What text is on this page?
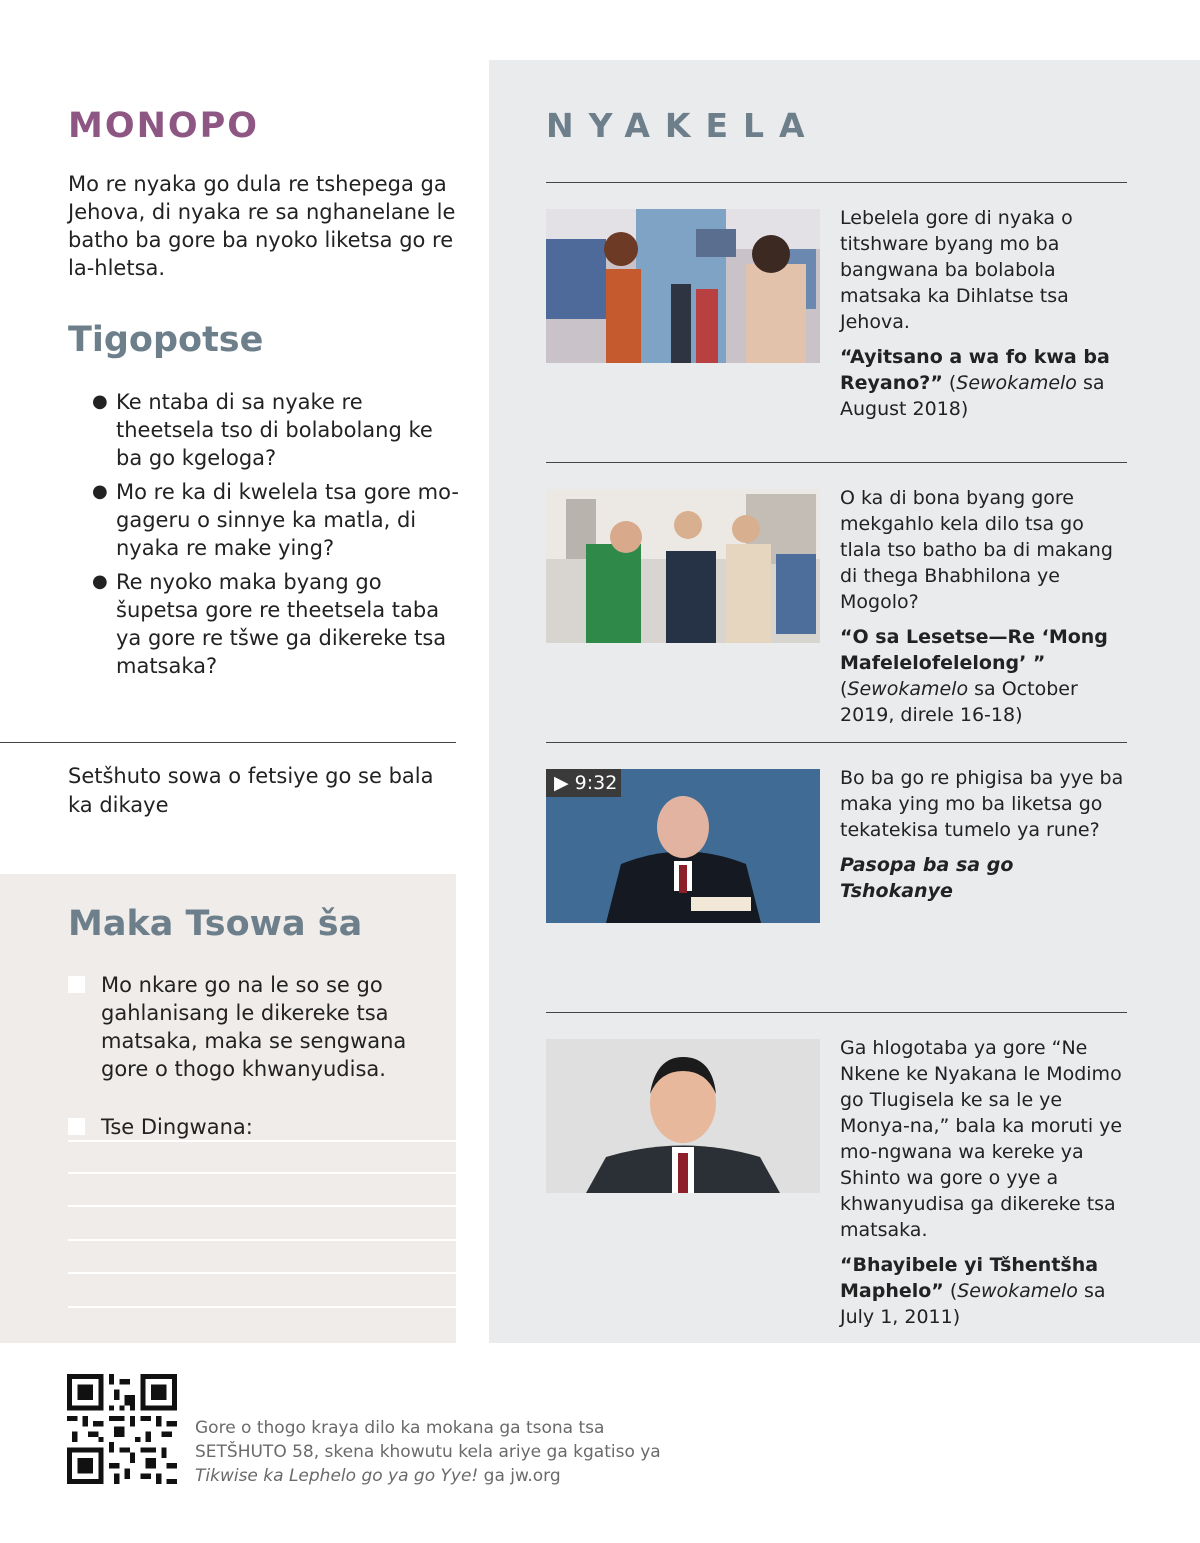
MONOPO

Mo re nyaka go dula re tshepega ga Jehova, di nyaka re sa nghanelane le batho ba gore ba nyoko liketsa go re la-hletsa.

Tigopotse
● Ke ntaba di sa nyake re theetsela tso di bolabolang ke ba go kgeloga?
● Mo re ka di kwelela tsa gore mo-gageru o sinnye ka matla, di nyaka re make ying?
● Re nyoko maka byang go šupetsa gore re theetsela taba ya gore re tšwe ga dikereke tsa matsaka?

Setšhuto sowa o fetsiye go se bala ka dikaye

Maka Tsowa ša
Mo nkare go na le so se go gahlanisang le dikereke tsa matsaka, maka se sengwana gore o thogo khwanyudisa.
Tse Dingwana:
NYAKELA

Lebelela gore di nyaka o titshware byang mo ba bangwana ba bolabola matsaka ka Dihlatse tsa Jehova.

“Ayitsano a wa fo kwa ba Reyano?” (Sewokamelo sa August 2018)

O ka di bona byang gore mekgahlo kela dilo tsa go tlala tso batho ba di makang di thega Bhabhilona ye Mogolo?

“O sa Lesetse—Re ‘Mong Mafelelofelelong’ ” (Sewokamelo sa October 2019, direle 16-18)

▶ 9:32	Bo ba go re phigisa ba yye ba maka ying mo ba liketsa go tekatekisa tumelo ya rune?

Pasopa ba sa go Tshokanye

Ga hlogotaba ya gore “Ne Nkene ke Nyakana le Modimo go Tlugisela ke sa le ye Monya-na,” bala ka moruti ye mo-ngwana wa kereke ya Shinto wa gore o yye a khwanyudisa ga dikereke tsa matsaka.

“Bhayibele yi Tšhentšha Maphelo” (Sewokamelo sa July 1, 2011)

Gore o thogo kraya dilo ka mokana ga tsona tsa SETŠHUTO 58, skena khowutu kela ariye ga kgatiso ya Tikwise ka Lephelo go ya go Yye! ga jw.org
